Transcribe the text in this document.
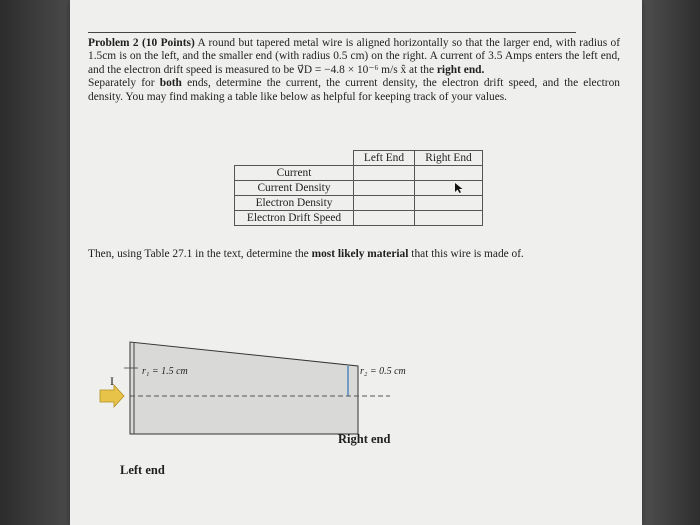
Problem 2 (10 Points) A round but tapered metal wire is aligned horizontally so that the larger end, with radius of 1.5cm is on the left, and the smaller end (with radius 0.5 cm) on the right. A current of 3.5 Amps enters the left end, and the electron drift speed is measured to be v⃗D = −4.8 × 10⁻⁶ m/s x̂ at the right end.

Separately for both ends, determine the current, the current density, the electron drift speed, and the electron density. You may find making a table like below as helpful for keeping track of your values.

	Left End	Right End
Current		
Current Density		

Electron Density		
Electron Drift Speed		
Then, using Table 27.1 in the text, determine the most likely material that this wire is made of.
I
r₁ = 1.5 cm	r₂ = 0.5 cm
Right end
Left end
